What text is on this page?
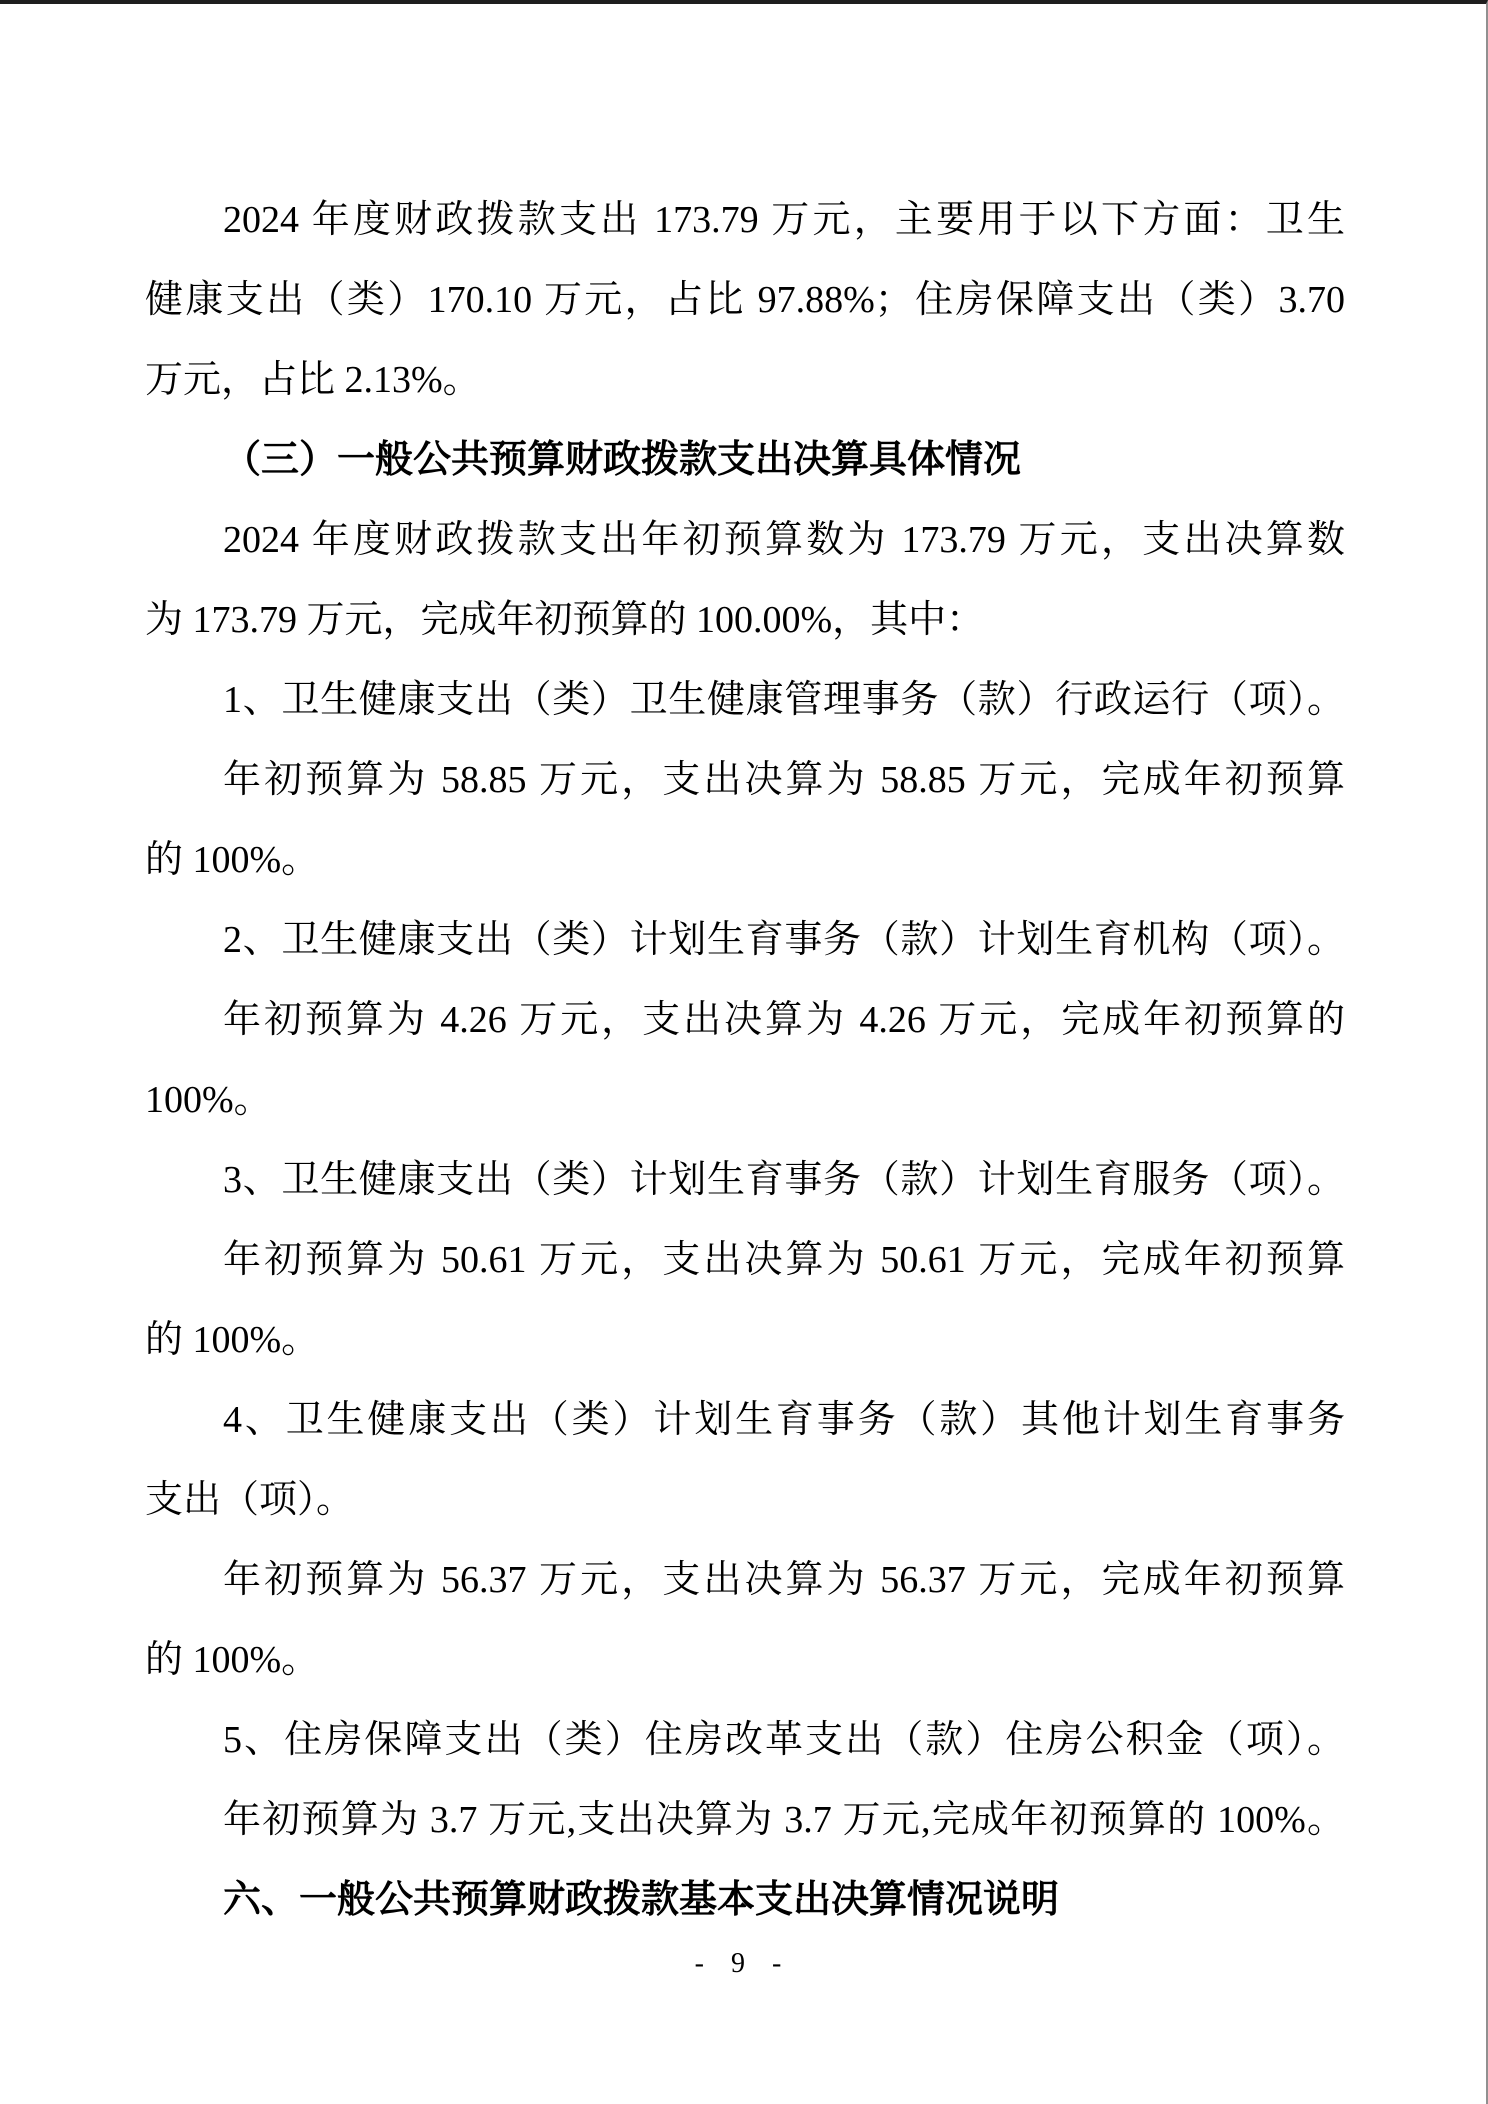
2024 年度财政拨款支出 173.79 万元，主要用于以下方面：卫生
健康支出（类）170.10 万元，占比 97.88%；住房保障支出（类）3.70
万元，占比 2.13%。
（三）一般公共预算财政拨款支出决算具体情况
2024 年度财政拨款支出年初预算数为 173.79 万元，支出决算数
为 173.79 万元，完成年初预算的 100.00%，其中：
1、卫生健康支出（类）卫生健康管理事务（款）行政运行（项）。
年初预算为 58.85 万元，支出决算为 58.85 万元，完成年初预算
的 100%。
2、卫生健康支出（类）计划生育事务（款）计划生育机构（项）。
年初预算为 4.26 万元，支出决算为 4.26 万元，完成年初预算的
100%。
3、卫生健康支出（类）计划生育事务（款）计划生育服务（项）。
年初预算为 50.61 万元，支出决算为 50.61 万元，完成年初预算
的 100%。
4、卫生健康支出（类）计划生育事务（款）其他计划生育事务
支出（项）。
年初预算为 56.37 万元，支出决算为 56.37 万元，完成年初预算
的 100%。
5、住房保障支出（类）住房改革支出（款）住房公积金（项）。
年初预算为 3.7 万元,支出决算为 3.7 万元,完成年初预算的 100%。
六、一般公共预算财政拨款基本支出决算情况说明
- 9 -
